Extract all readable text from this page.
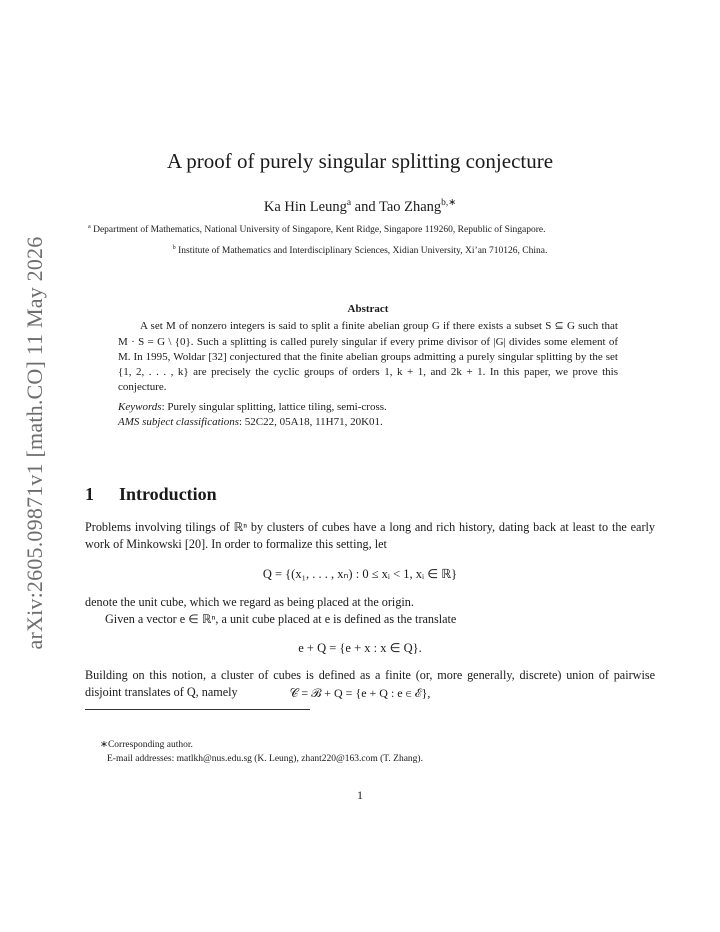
arXiv:2605.09871v1 [math.CO] 11 May 2026
A proof of purely singular splitting conjecture
Ka Hin Leung$^a$ and Tao Zhang$^{b,∗}$
$^a$ Department of Mathematics, National University of Singapore, Kent Ridge, Singapore 119260, Republic of Singapore.
$^b$ Institute of Mathematics and Interdisciplinary Sciences, Xidian University, Xi’an 710126, China.
Abstract
A set M of nonzero integers is said to split a finite abelian group G if there exists a subset S ⊆ G such that M · S = G \ {0}. Such a splitting is called purely singular if every prime divisor of |G| divides some element of M. In 1995, Woldar [32] conjectured that the finite abelian groups admitting a purely singular splitting by the set {1, 2, . . . , k} are precisely the cyclic groups of orders 1, k + 1, and 2k + 1. In this paper, we prove this conjecture.
Keywords: Purely singular splitting, lattice tiling, semi-cross.
AMS subject classifications: 52C22, 05A18, 11H71, 20K01.
1 Introduction
Problems involving tilings of ℝⁿ by clusters of cubes have a long and rich history, dating back at least to the early work of Minkowski [20]. In order to formalize this setting, let
Q = {(x₁, . . . , xₙ) : 0 ≤ xᵢ < 1, xᵢ ∈ ℝ}
denote the unit cube, which we regard as being placed at the origin.
Given a vector e ∈ ℝⁿ, a unit cube placed at e is defined as the translate
e + Q = {e + x : x ∈ Q}.
Building on this notion, a cluster of cubes is defined as a finite (or, more generally, discrete) union of pairwise disjoint translates of Q, namely	𝒞 = ℬ + Q = {e + Q : e ∈ ℰ},
∗Corresponding author.
E-mail addresses: matlkh@nus.edu.sg (K. Leung), zhant220@163.com (T. Zhang).
1
